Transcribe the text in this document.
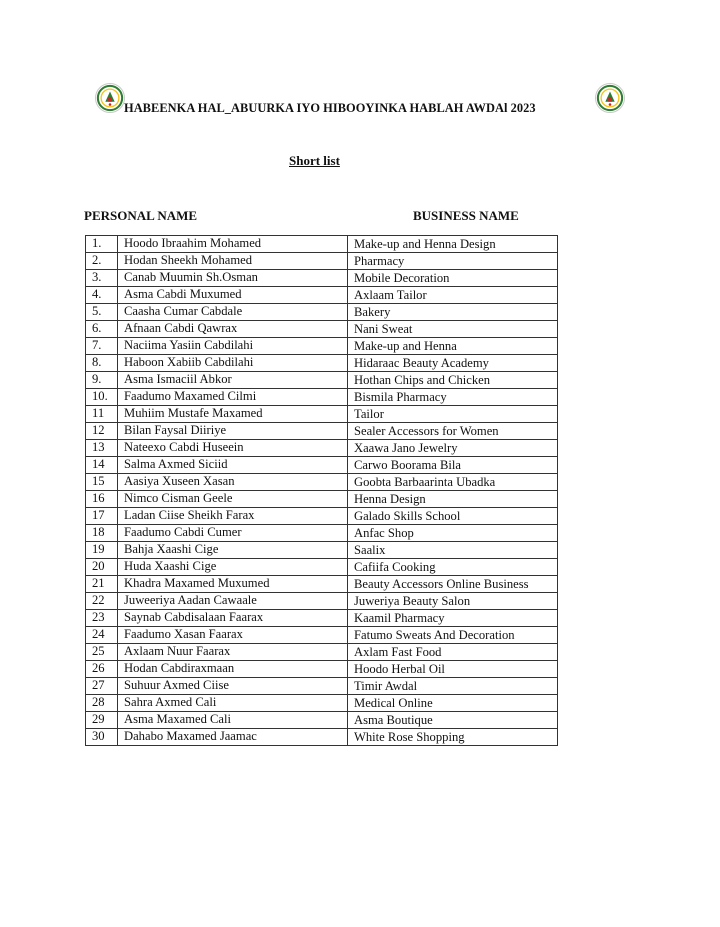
HABEENKA HAL_ABUURKA IYO HIBOOYINKA HABLAH AWDAl 2023
Short list
PERSONAL NAME	BUSINESS NAME
1.	Hoodo Ibraahim Mohamed	Make-up and Henna Design
2.	Hodan Sheekh Mohamed	Pharmacy
3.	Canab Muumin Sh.Osman	Mobile Decoration
4.	Asma Cabdi Muxumed	Axlaam Tailor
5.	Caasha Cumar Cabdale	Bakery
6.	Afnaan Cabdi Qawrax	Nani Sweat
7.	Naciima Yasiin Cabdilahi	Make-up and Henna
8.	Haboon Xabiib Cabdilahi	Hidaraac Beauty Academy
9.	Asma Ismaciil Abkor	Hothan Chips and Chicken
10.	Faadumo Maxamed Cilmi	Bismila Pharmacy
11	Muhiim Mustafe Maxamed	Tailor
12	Bilan Faysal Diiriye	Sealer Accessors for Women
13	Nateexo Cabdi Huseein	Xaawa Jano Jewelry
14	Salma Axmed Siciid	Carwo Boorama Bila
15	Aasiya Xuseen Xasan	Goobta Barbaarinta Ubadka
16	Nimco Cisman Geele	Henna Design
17	Ladan Ciise Sheikh Farax	Galado Skills School
18	Faadumo Cabdi Cumer	Anfac Shop
19	Bahja Xaashi Cige	Saalix
20	Huda Xaashi Cige	Cafiifa Cooking
21	Khadra Maxamed Muxumed	Beauty Accessors Online Business
22	Juweeriya Aadan Cawaale	Juweriya Beauty Salon
23	Saynab Cabdisalaan Faarax	Kaamil Pharmacy
24	Faadumo Xasan Faarax	Fatumo Sweats And Decoration
25	Axlaam Nuur Faarax	Axlam Fast Food
26	Hodan Cabdiraxmaan	Hoodo Herbal Oil
27	Suhuur Axmed Ciise	Timir Awdal
28	Sahra Axmed Cali	Medical Online
29	Asma Maxamed Cali	Asma Boutique
30	Dahabo Maxamed Jaamac	White Rose Shopping
